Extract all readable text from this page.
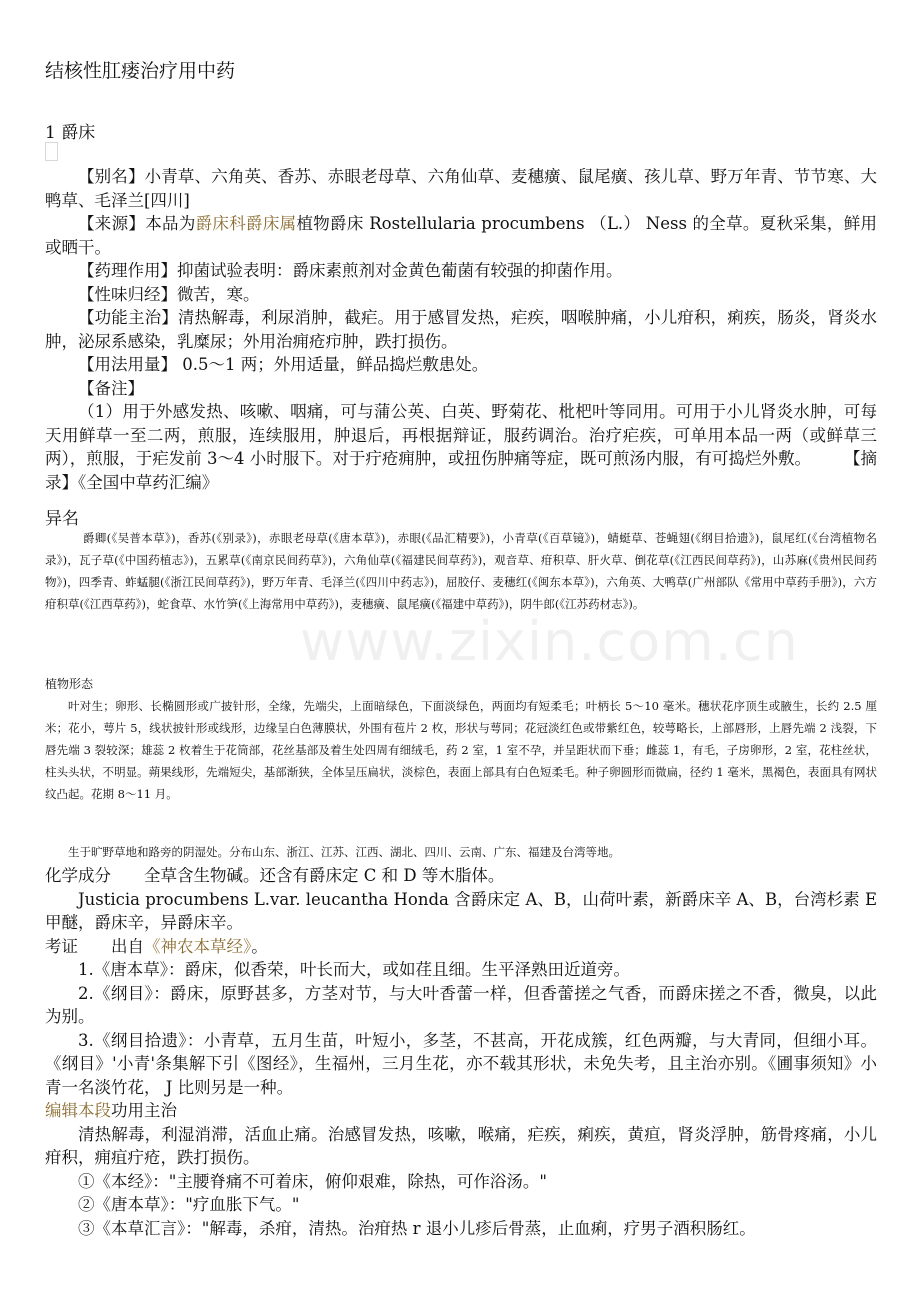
结核性肛瘘治疗用中药
1 爵床

【别名】小青草、六角英、香苏、赤眼老母草、六角仙草、麦穗癀、鼠尾癀、孩儿草、野万年青、节节寒、大鸭草、毛泽兰[四川]

【来源】本品为爵床科爵床属植物爵床 Rostellularia procumbens （L.） Ness 的全草。夏秋采集，鲜用或晒干。

【药理作用】抑菌试验表明：爵床素煎剂对金黄色葡菌有较强的抑菌作用。

【性味归经】微苦，寒。

【功能主治】清热解毒，利尿消肿，截疟。用于感冒发热，疟疾，咽喉肿痛，小儿疳积，痢疾，肠炎，肾炎水肿，泌尿系感染，乳糜尿；外用治痈疮疖肿，跌打损伤。

【用法用量】 0.5～1 两；外用适量，鲜品捣烂敷患处。

【备注】

（1）用于外感发热、咳嗽、咽痛，可与蒲公英、白英、野菊花、枇杷叶等同用。可用于小儿肾炎水肿，可每天用鲜草一至二两，煎服，连续服用，肿退后，再根据辩证，服药调治。治疗疟疾，可单用本品一两（或鲜草三两），煎服，于疟发前 3～4 小时服下。对于疔疮痈肿，或扭伤肿痛等症，既可煎汤内服，有可捣烂外敷。　　　	【摘录】《全国中草药汇编》

异名

爵卿(《吴普本草》)，香苏(《别录》)，赤眼老母草(《唐本草》)，赤眼(《品汇精要》)，小青草(《百草镜》)，蜻蜓草、苍蝇翅(《纲目拾遗》)，鼠尾红(《台湾植物名录》)，瓦子草(《中国药植志》)，五累草(《南京民间药草》)，六角仙草(《福建民间草药》)，观音草、疳积草、肝火草、倒花草(《江西民间草药》)，山苏麻(《贵州民间药物》)，四季青、蚱蜢腿(《浙江民间草药》)，野万年青、毛泽兰(《四川中药志》)，屈胶仔、麦穗红(《闽东本草》)，六角英、大鸭草(广州部队《常用中草药手册》)，六方疳积草(《江西草药》)，蛇食草、水竹笋(《上海常用中草药》)，麦穗癀、鼠尾癀(《福建中草药》)，阴牛郎(《江苏药材志》)。

植物形态

叶对生；卵形、长椭圆形或广披针形，全缘，先端尖，上面暗绿色，下面淡绿色，两面均有短柔毛；叶柄长 5～10 毫米。穗状花序顶生或腋生，长约 2.5 厘米；花小，萼片 5，线状披针形或线形，边缘呈白色薄膜状，外围有苞片 2 枚，形状与萼同；花冠淡红色或带紫红色，较萼略长，上部唇形，上唇先端 2 浅裂，下唇先端 3 裂较深；雄蕊 2 枚着生于花筒部，花丝基部及着生处四周有细绒毛，药 2 室，1 室不孕，并呈距状而下垂；雌蕊 1，有毛，子房卵形，2 室，花柱丝状，柱头头状，不明显。蒴果线形，先端短尖，基部渐狭，全体呈压扁状，淡棕色，表面上部具有白色短柔毛。种子卵圆形而微扁，径约 1 毫米，黑褐色，表面具有网状纹凸起。花期 8～11 月。

生于旷野草地和路旁的阴湿处。分布山东、浙江、江苏、江西、湖北、四川、云南、广东、福建及台湾等地。

化学成分　　 全草含生物碱。还含有爵床定 C 和 D 等木脂体。

Justicia procumbens L.var. leucantha Honda 含爵床定 A、B，山荷叶素，新爵床辛 A、B，台湾杉素 E 甲醚，爵床辛，异爵床辛。

考证　　 出自《神农本草经》。

1.《唐本草》：爵床，似香荣，叶长而大，或如荏且细。生平泽熟田近道旁。

2.《纲目》：爵床，原野甚多，方茎对节，与大叶香蕾一样，但香蕾搓之气香，而爵床搓之不香，微臭，以此为别。

3.《纲目拾遗》：小青草，五月生苗，叶短小，多茎，不甚高，开花成簇，红色两瓣，与大青同，但细小耳。《纲目》'小青'条集解下引《图经》，生福州，三月生花，亦不载其形状，未免失考，且主治亦别。《圃事须知》小青一名淡竹花， J 比则另是一种。

编辑本段功用主治

清热解毒，利湿消滞，活血止痛。治感冒发热，咳嗽，喉痛，疟疾，痢疾，黄疸，肾炎浮肿，筋骨疼痛，小儿疳积，痈疽疔疮，跌打损伤。

①《本经》："主腰脊痛不可着床，俯仰艰难，除热，可作浴汤。"

②《唐本草》："疗血胀下气。"

③《本草汇言》："解毒，杀疳，清热。治疳热 r 退小儿疹后骨蒸，止血痢，疗男子酒积肠红。

www.zixin.com.cn
